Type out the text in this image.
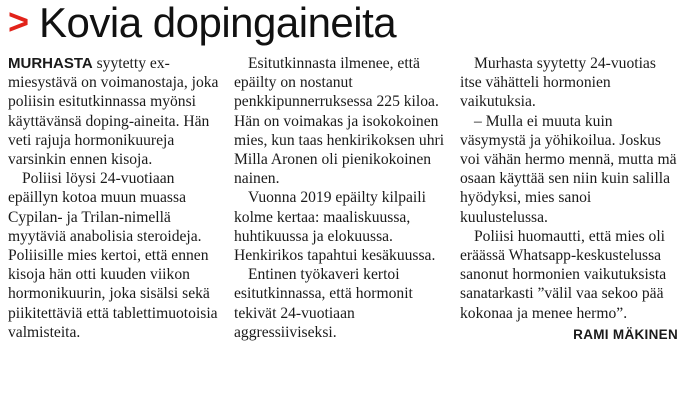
> Kovia dopingaineita

MURHASTA syytetty ex-miesystävä on voimanostaja, joka poliisin esitutkinnassa myönsi käyttävänsä doping-aineita. Hän veti rajuja hormonikuureja varsinkin ennen kisoja.

Poliisi löysi 24-vuotiaan epäillyn kotoa muun muassa Cypilan- ja Trilan-nimellä myytäviä anabolisia steroideja. Poliisille mies kertoi, että ennen kisoja hän otti kuuden viikon hormonikuurin, joka sisälsi sekä piikitettäviä että tablettimuotoisia valmisteita.

Esitutkinnasta ilmenee, että epäilty on nostanut penkkipunnerruksessa 225 kiloa. Hän on voimakas ja isokokoinen mies, kun taas henkirikoksen uhri Milla Aronen oli pienikokoinen nainen.

Vuonna 2019 epäilty kilpaili kolme kertaa: maaliskuussa, huhtikuussa ja elokuussa. Henkirikos tapahtui kesäkuussa.

Entinen työkaveri kertoi esitutkinnassa, että hormonit tekivät 24-vuotiaan aggressiiviseksi.

Murhasta syytetty 24-vuotias itse vähätteli hormonien vaikutuksia.

– Mulla ei muuta kuin väsymystä ja yöhikoilua. Joskus voi vähän hermo mennä, mutta mä osaan käyttää sen niin kuin salilla hyödyksi, mies sanoi kuulustelussa.

Poliisi huomautti, että mies oli eräässä Whatsapp-keskustelussa sanonut hormonien vaikutuksista sanatarkasti ”välil vaa sekoo pää kokonaa ja menee hermo”.

RAMI MÄKINEN
